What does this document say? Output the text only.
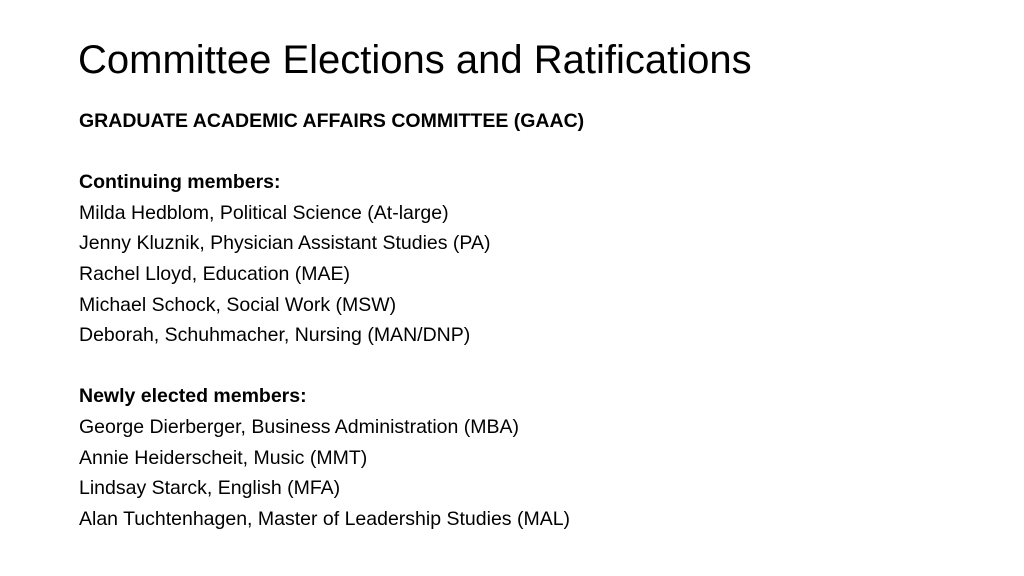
Committee Elections and Ratifications
GRADUATE ACADEMIC AFFAIRS COMMITTEE (GAAC)
Continuing members:
Milda Hedblom, Political Science (At-large)
Jenny Kluznik, Physician Assistant Studies (PA)
Rachel Lloyd, Education (MAE)
Michael Schock, Social Work (MSW)
Deborah, Schuhmacher, Nursing (MAN/DNP)
Newly elected members:
George Dierberger, Business Administration (MBA)
Annie Heiderscheit, Music (MMT)
Lindsay Starck, English (MFA)
Alan Tuchtenhagen, Master of Leadership Studies (MAL)
